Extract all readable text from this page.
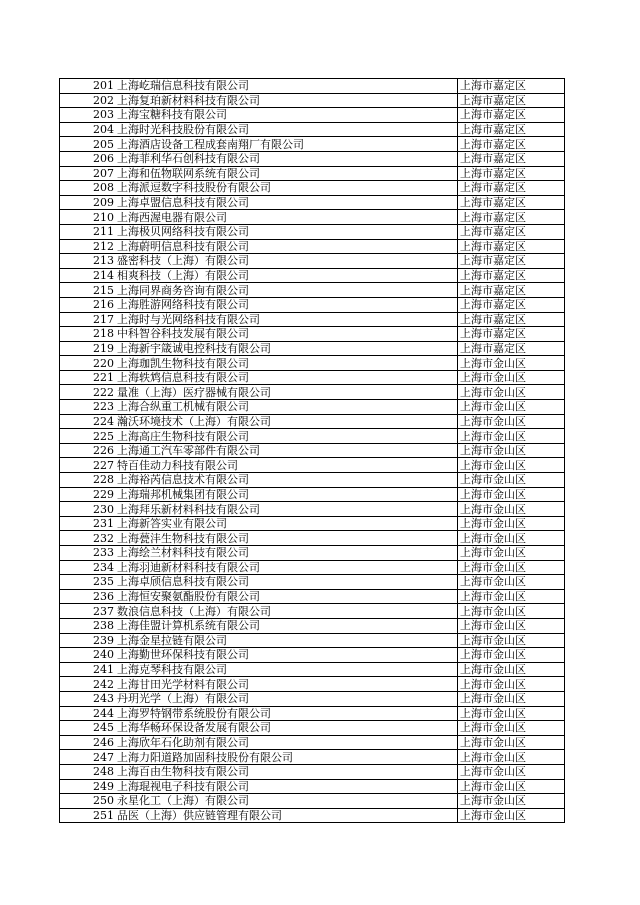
201	上海屹瑞信息科技有限公司	上海市嘉定区
202	上海复珀新材料科技有限公司	上海市嘉定区
203	上海宝糖科技有限公司	上海市嘉定区
204	上海时光科技股份有限公司	上海市嘉定区
205	上海酒店设备工程成套南翔厂有限公司	上海市嘉定区
206	上海菲利华石创科技有限公司	上海市嘉定区
207	上海和伍物联网系统有限公司	上海市嘉定区
208	上海派逗数字科技股份有限公司	上海市嘉定区
209	上海卓盟信息科技有限公司	上海市嘉定区
210	上海西渥电器有限公司	上海市嘉定区
211	上海极贝网络科技有限公司	上海市嘉定区
212	上海蔚明信息科技有限公司	上海市嘉定区
213	盛密科技（上海）有限公司	上海市嘉定区
214	相爽科技（上海）有限公司	上海市嘉定区
215	上海同界商务咨询有限公司	上海市嘉定区
216	上海胜游网络科技有限公司	上海市嘉定区
217	上海时与光网络科技有限公司	上海市嘉定区
218	中科智谷科技发展有限公司	上海市嘉定区
219	上海新宇箴诚电控科技有限公司	上海市嘉定区
220	上海珈凯生物科技有限公司	上海市金山区
221	上海轶鸩信息科技有限公司	上海市金山区
222	量准（上海）医疗器械有限公司	上海市金山区
223	上海合纵重工机械有限公司	上海市金山区
224	瀚沃环境技术（上海）有限公司	上海市金山区
225	上海高庄生物科技有限公司	上海市金山区
226	上海通工汽车零部件有限公司	上海市金山区
227	特百佳动力科技有限公司	上海市金山区
228	上海裕芮信息技术有限公司	上海市金山区
229	上海瑞邦机械集团有限公司	上海市金山区
230	上海拜乐新材料科技有限公司	上海市金山区
231	上海新答实业有限公司	上海市金山区
232	上海甍沣生物科技有限公司	上海市金山区
233	上海绘兰材料科技有限公司	上海市金山区
234	上海羽迪新材料科技有限公司	上海市金山区
235	上海卓颀信息科技有限公司	上海市金山区
236	上海恒安聚氨酯股份有限公司	上海市金山区
237	数浪信息科技（上海）有限公司	上海市金山区
238	上海佳盟计算机系统有限公司	上海市金山区
239	上海金星拉链有限公司	上海市金山区
240	上海勤世环保科技有限公司	上海市金山区
241	上海克琴科技有限公司	上海市金山区
242	上海甘田光学材料有限公司	上海市金山区
243	丹玥光学（上海）有限公司	上海市金山区
244	上海罗特钢带系统股份有限公司	上海市金山区
245	上海华畅环保设备发展有限公司	上海市金山区
246	上海欣年石化助剂有限公司	上海市金山区
247	上海力阳道路加固科技股份有限公司	上海市金山区
248	上海百由生物科技有限公司	上海市金山区
249	上海琨视电子科技有限公司	上海市金山区
250	永星化工（上海）有限公司	上海市金山区
251	品医（上海）供应链管理有限公司	上海市金山区
